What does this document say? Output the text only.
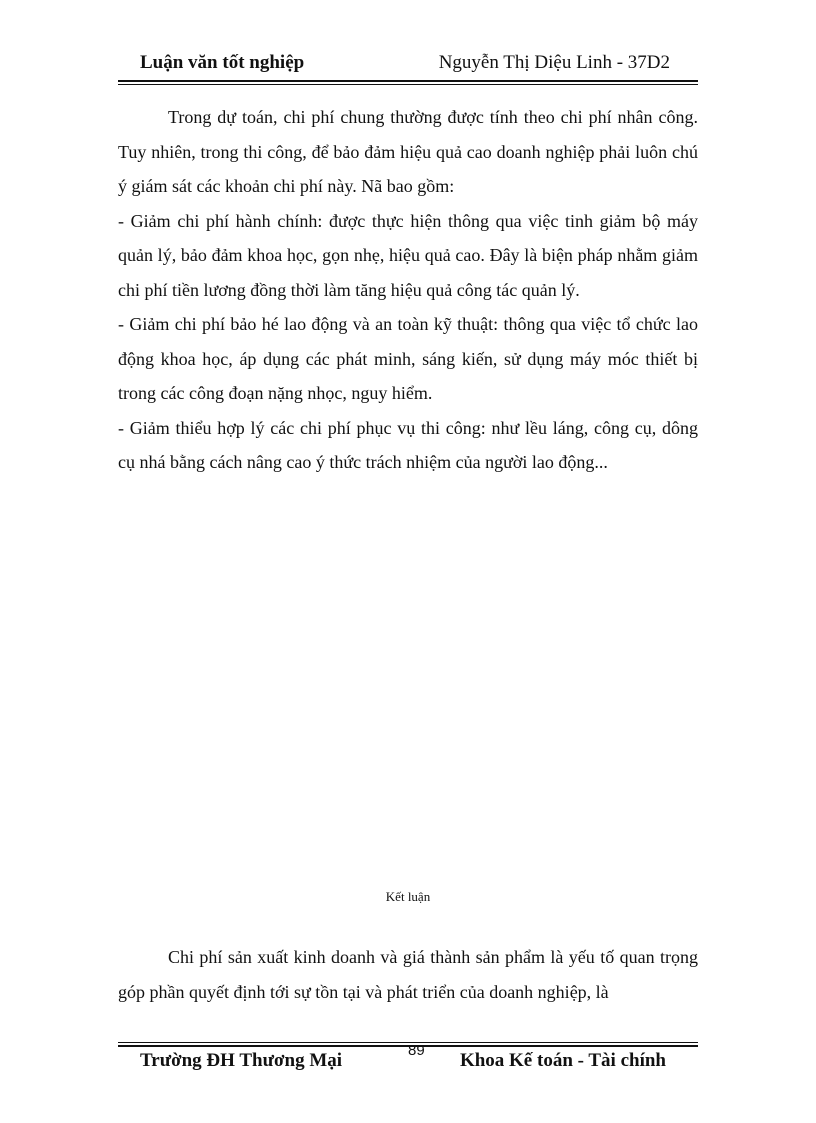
Luận văn tốt nghiệp	Nguyễn Thị Diệu Linh - 37D2

Trong dự toán, chi phí chung thường được tính theo chi phí nhân công. Tuy nhiên, trong thi công, để bảo đảm hiệu quả cao doanh nghiệp phải luôn chú ý giám sát các khoản chi phí này. Nã bao gồm:

- Giảm chi phí hành chính: được thực hiện thông qua việc tinh giảm bộ máy quản lý, bảo đảm khoa học, gọn nhẹ, hiệu quả cao. Đây là biện pháp nhằm giảm chi phí tiền lương đồng thời làm tăng hiệu quả công tác quản lý.

- Giảm chi phí bảo hé lao động và an toàn kỹ thuật: thông qua việc tổ chức lao động khoa học, áp dụng các phát minh, sáng kiến, sử dụng máy móc thiết bị trong các công đoạn nặng nhọc, nguy hiểm.

- Giảm thiểu hợp lý các chi phí phục vụ thi công: như lều láng, công cụ, dông cụ nhá bằng cách nâng cao ý thức trách nhiệm của người lao động...

Kết luận

Chi phí sản xuất kinh doanh và giá thành sản phẩm là yếu tố quan trọng góp phần quyết định tới sự tồn tại và phát triển của doanh nghiệp, là

Trường ĐH Thương Mại	89 Khoa Kế toán - Tài chính
